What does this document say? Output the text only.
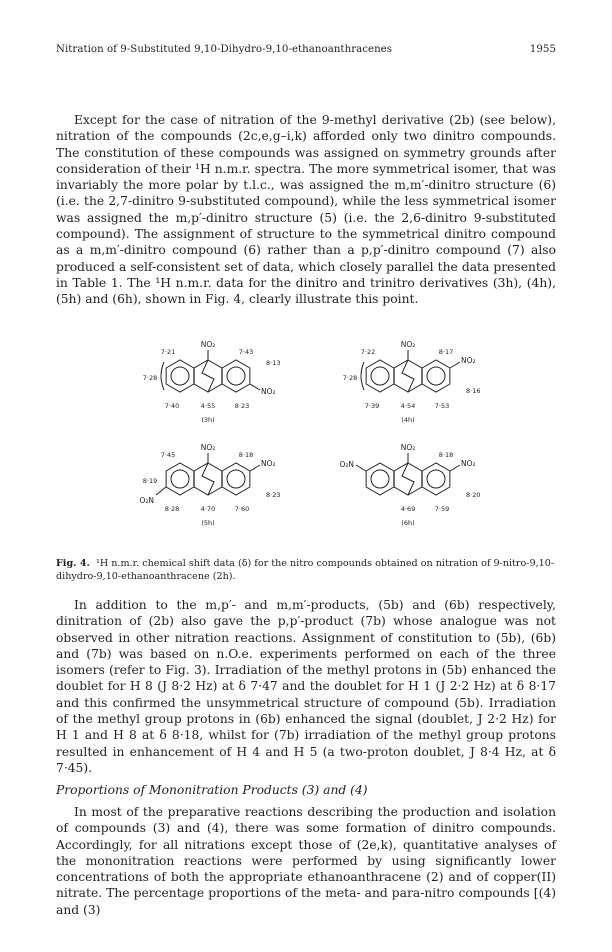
Nitration of 9-Substituted 9,10-Dihydro-9,10-ethanoanthracenes	1955

Except for the case of nitration of the 9-methyl derivative (2b) (see below), nitration of the compounds (2c,e,g–i,k) afforded only two dinitro compounds. The constitution of these compounds was assigned on symmetry grounds after consideration of their ¹H n.m.r. spectra. The more symmetrical isomer, that was invariably the more polar by t.l.c., was assigned the m,m′-dinitro structure (6) (i.e. the 2,7-dinitro 9-substituted compound), while the less symmetrical isomer was assigned the m,p′-dinitro structure (5) (i.e. the 2,6-dinitro 9-substituted compound). The assignment of structure to the symmetrical dinitro compound as a m,m′-dinitro compound (6) rather than a p,p′-dinitro compound (7) also produced a self-consistent set of data, which closely parallel the data presented in Table 1. The ¹H n.m.r. data for the dinitro and trinitro derivatives (3h), (4h), (5h) and (6h), shown in Fig. 4, clearly illustrate this point.

NO₂
7·21	7·43
7·28
8·13
7·40	4·55	8·23
NO₂
(3h)
NO₂
7·22	8·17
7·28
8·16
7·39	4·54	7·53
NO₂
(4h)
NO₂
7·45	8·18
8·19
8·23
8·28	4·70	7·60
NO₂
O₂N
(5h)
NO₂
8·18
8·20
4·69	7·59
NO₂
O₂N
(6h)
Fig. 4. ¹H n.m.r. chemical shift data (δ) for the nitro compounds obtained on nitration of 9-nitro-9,10-dihydro-9,10-ethanoanthracene (2h).

In addition to the m,p′- and m,m′-products, (5b) and (6b) respectively, dinitration of (2b) also gave the p,p′-product (7b) whose analogue was not observed in other nitration reactions. Assignment of constitution to (5b), (6b) and (7b) was based on n.O.e. experiments performed on each of the three isomers (refer to Fig. 3). Irradiation of the methyl protons in (5b) enhanced the doublet for H 8 (J 8·2 Hz) at δ 7·47 and the doublet for H 1 (J 2·2 Hz) at δ 8·17 and this confirmed the unsymmetrical structure of compound (5b). Irradiation of the methyl group protons in (6b) enhanced the signal (doublet, J 2·2 Hz) for H 1 and H 8 at δ 8·18, whilst for (7b) irradiation of the methyl group protons resulted in enhancement of H 4 and H 5 (a two-proton doublet, J 8·4 Hz, at δ 7·45).

Proportions of Mononitration Products (3) and (4)

In most of the preparative reactions describing the production and isolation of compounds (3) and (4), there was some formation of dinitro compounds. Accordingly, for all nitrations except those of (2e,k), quantitative analyses of the mononitration reactions were performed by using significantly lower concentrations of both the appropriate ethanoanthracene (2) and of copper(II) nitrate. The percentage proportions of the meta- and para-nitro compounds [(4) and (3)
